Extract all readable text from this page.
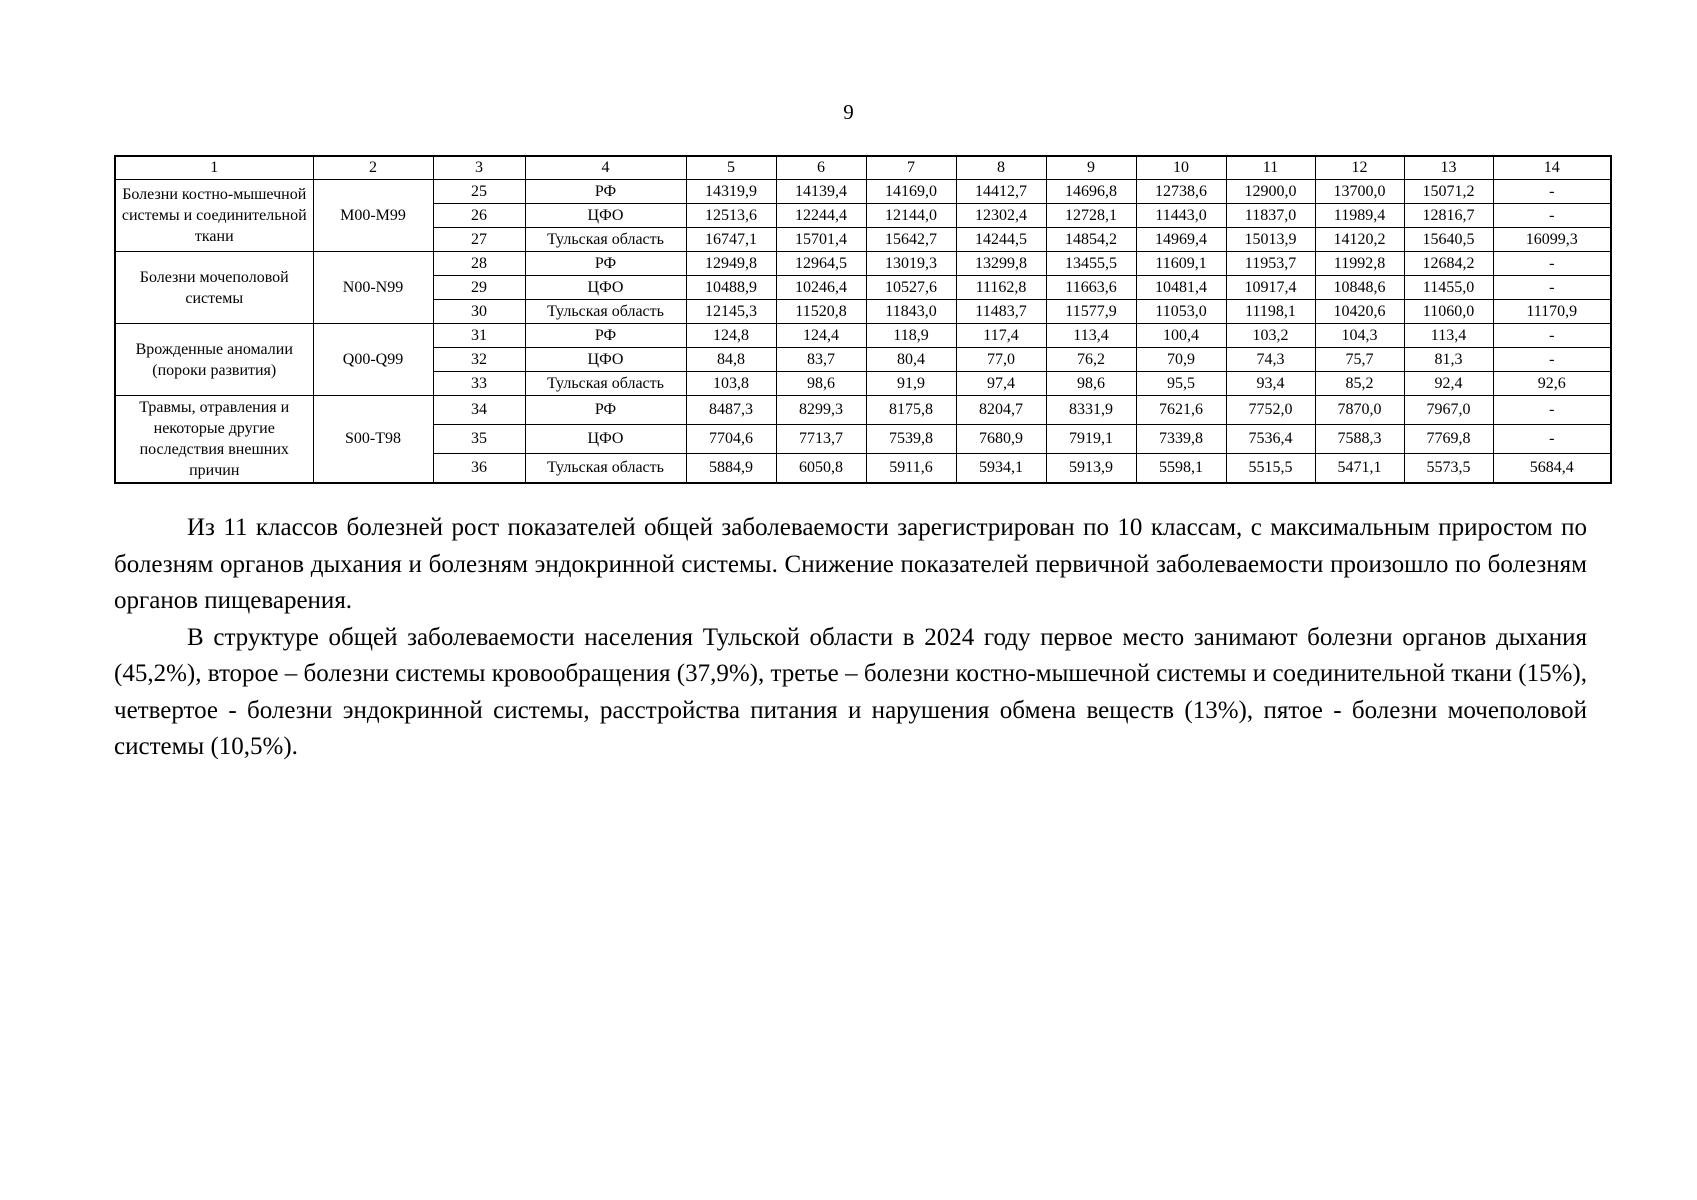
9
1	2	3	4	5	6	7	8	9	10	11	12	13	14
Болезни костно-мышечной системы и соединительной ткани	M00-M99	25	РФ	14319,9	14139,4	14169,0	14412,7	14696,8	12738,6	12900,0	13700,0	15071,2	-
		26	ЦФО	12513,6	12244,4	12144,0	12302,4	12728,1	11443,0	11837,0	11989,4	12816,7	-
		27	Тульская область	16747,1	15701,4	15642,7	14244,5	14854,2	14969,4	15013,9	14120,2	15640,5	16099,3
Болезни мочеполовой системы	N00-N99	28	РФ	12949,8	12964,5	13019,3	13299,8	13455,5	11609,1	11953,7	11992,8	12684,2	-
		29	ЦФО	10488,9	10246,4	10527,6	11162,8	11663,6	10481,4	10917,4	10848,6	11455,0	-
		30	Тульская область	12145,3	11520,8	11843,0	11483,7	11577,9	11053,0	11198,1	10420,6	11060,0	11170,9
Врожденные аномалии (пороки развития)	Q00-Q99	31	РФ	124,8	124,4	118,9	117,4	113,4	100,4	103,2	104,3	113,4	-
		32	ЦФО	84,8	83,7	80,4	77,0	76,2	70,9	74,3	75,7	81,3	-
		33	Тульская область	103,8	98,6	91,9	97,4	98,6	95,5	93,4	85,2	92,4	92,6
Травмы, отравления и некоторые другие последствия внешних причин	S00-T98	34	РФ	8487,3	8299,3	8175,8	8204,7	8331,9	7621,6	7752,0	7870,0	7967,0	-
		35	ЦФО	7704,6	7713,7	7539,8	7680,9	7919,1	7339,8	7536,4	7588,3	7769,8	-
		36	Тульская область	5884,9	6050,8	5911,6	5934,1	5913,9	5598,1	5515,5	5471,1	5573,5	5684,4

Из 11 классов болезней рост показателей общей заболеваемости зарегистрирован по 10 классам, с максимальным приростом по болезням органов дыхания и болезням эндокринной системы. Снижение показателей первичной заболеваемости произошло по болезням органов пищеварения.

В структуре общей заболеваемости населения Тульской области в 2024 году первое место занимают болезни органов дыхания (45,2%), второе – болезни системы кровообращения (37,9%), третье – болезни костно-мышечной системы и соединительной ткани (15%), четвертое - болезни эндокринной системы, расстройства питания и нарушения обмена веществ (13%), пятое - болезни мочеполовой системы (10,5%).
